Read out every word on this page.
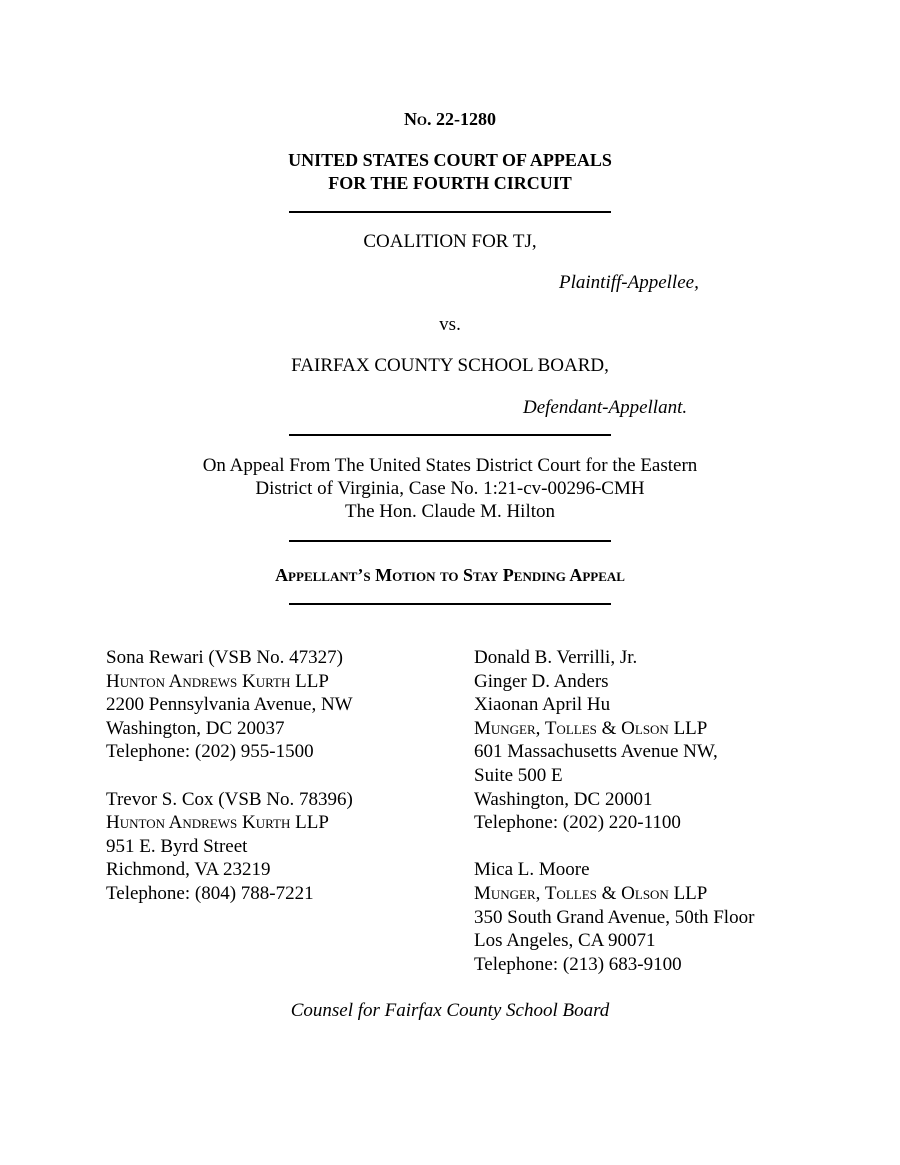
No. 22-1280
UNITED STATES COURT OF APPEALS
FOR THE FOURTH CIRCUIT
COALITION FOR TJ,
Plaintiff-Appellee,
vs.
FAIRFAX COUNTY SCHOOL BOARD,
Defendant-Appellant.
On Appeal From The United States District Court for the Eastern
District of Virginia, Case No. 1:21-cv-00296-CMH
The Hon. Claude M. Hilton
Appellant’s Motion to Stay Pending Appeal
Sona Rewari (VSB No. 47327)
Hunton Andrews Kurth LLP
2200 Pennsylvania Avenue, NW
Washington, DC 20037
Telephone: (202) 955-1500
Trevor S. Cox (VSB No. 78396)
Hunton Andrews Kurth LLP
951 E. Byrd Street
Richmond, VA 23219
Telephone: (804) 788-7221
Donald B. Verrilli, Jr.
Ginger D. Anders
Xiaonan April Hu
Munger, Tolles & Olson LLP
601 Massachusetts Avenue NW,
Suite 500 E
Washington, DC 20001
Telephone: (202) 220-1100
Mica L. Moore
Munger, Tolles & Olson LLP
350 South Grand Avenue, 50th Floor
Los Angeles, CA 90071
Telephone: (213) 683-9100
Counsel for Fairfax County School Board
